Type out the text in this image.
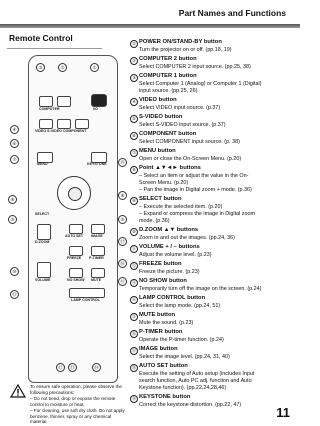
Part Names and Functions
Remote Control
COMPUTER	I/O
VIDEO S-VIDEO COMPONENT
MENU	KEYSTONE
SELECT
D.ZOOM
AUTO SET IMAGE
FREEZE P-TIMER
VOLUME	NO SHOW MUTE
LAMP CONTROL
③	②	①
⑧
⑨
④
⑥
⑦
⑩
⑪
⑲
⑧
⑨
⑰
⑯
⑮
⑫	⑬	⑭
① POWER ON/STAND-BY button
Turn the projector on or off. (pp.18, 19)
② COMPUTER 2 button
Select COMPUTER 2 input source. (pp.25, 38)
③ COMPUTER 1 button
Select Computer 1 (Analog) or Computer 1 (Digital)
input source. (pp.25, 26)
④ VIDEO button
Select VIDEO input source. (p.37)
⑤ S-VIDEO button
Select S-VIDEO input source. (p.37)
⑥ COMPONENT button
Select COMPONENT input source. (p. 38)
⑦ MENU button
Open or close the On-Screen Menu. (p.20)
⑧ Point ▲▼◄► buttons
– Select an item or adjust the value in the On-
Screen Menu. (p.20)
– Pan the image in Digital zoom + mode. (p.36)
⑨ SELECT button
– Execute the selected item. (p.20)
– Expand or compress the image in Digital zoom
mode. (p.36)
⑩ D.ZOOM ▲▼ buttons
Zoom in and out the images. (pp.24, 36)
⑪ VOLUME + / – buttons
Adjust the volume level. (p.23)
⑫ FREEZE button
Freeze the picture. (p.23)
⑬ NO SHOW button
Temporarily turn off the image on the screen. (p.24)
⑭ LAMP CONTROL button
Select the lamp mode. (pp.24, 51)
⑮ MUTE button
Mute the sound. (p.23)
⑯ P-TIMER button
Operate the P-timer function. (p.24)
⑰ IMAGE button
Select the image level. (pp.24, 31, 40)
⑱ AUTO SET button
Execute the setting of Auto setup (includes Input
search function, Auto PC adj. function and Auto
Keystone function). (pp.22,24,28,46)
⑲ KEYSTONE button
Correct the keystone distortion. (pp.22, 47)
To ensure safe operation, please observe the following precautions:
– Do not bend, drop or expose the remote control to moisture or heat.
– For cleaning, use soft dry cloth. Do not apply benzene, thinner, spray or any chemical material.
11
